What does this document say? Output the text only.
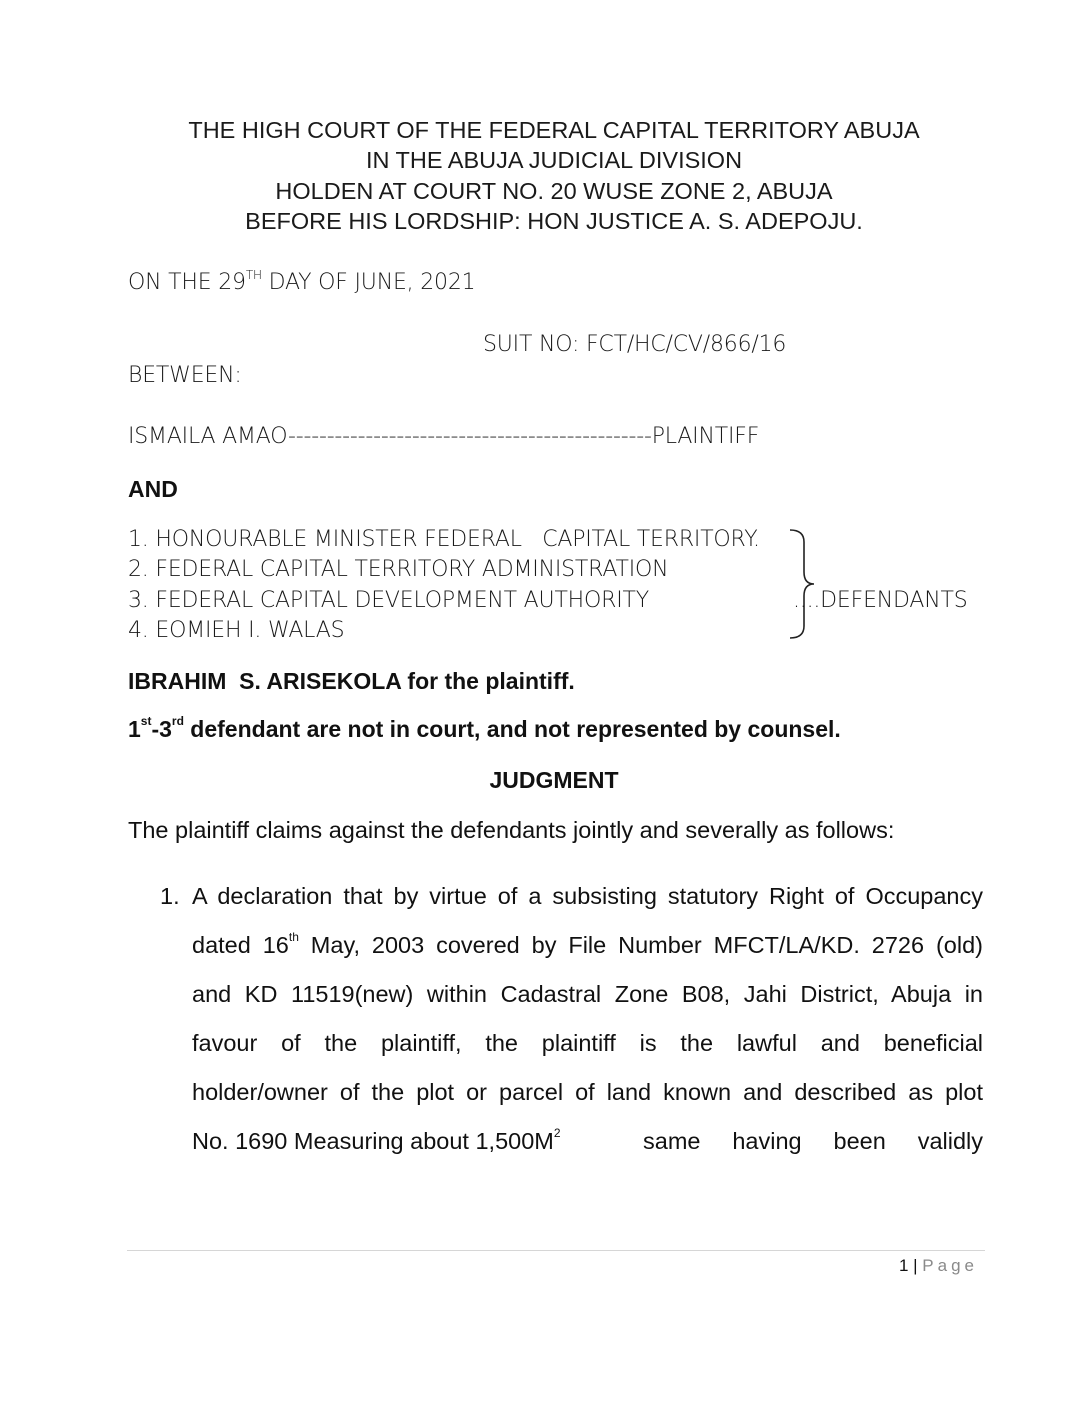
THE HIGH COURT OF THE FEDERAL CAPITAL TERRITORY ABUJA
IN THE ABUJA JUDICIAL DIVISION
HOLDEN AT COURT NO. 20 WUSE ZONE 2, ABUJA
BEFORE HIS LORDSHIP: HON JUSTICE A. S. ADEPOJU.
ON THE 29TH DAY OF JUNE, 2021
SUIT NO: FCT/HC/CV/866/16
BETWEEN:
ISMAILA AMAO-----------------------------------------------PLAINTIFF
AND
1. HONOURABLE MINISTER FEDERAL   CAPITAL TERRITORY.
2. FEDERAL CAPITAL TERRITORY ADMINISTRATION
3. FEDERAL CAPITAL DEVELOPMENT AUTHORITY
4. EOMIEH I. WALAS
....DEFENDANTS
IBRAHIM  S. ARISEKOLA for the plaintiff.
1st-3rd defendant are not in court, and not represented by counsel.
JUDGMENT
The plaintiff claims against the defendants jointly and severally as follows:
1. A declaration that by virtue of a subsisting statutory Right of Occupancy
dated 16th May, 2003 covered by File Number MFCT/LA/KD. 2726 (old)
and KD 11519(new) within Cadastral Zone B08, Jahi District, Abuja in
favour of the plaintiff, the plaintiff is the lawful and beneficial
holder/owner of the plot or parcel of land known and described as plot
No. 1690 Measuring about $1,500M^2$	same having been validly
1 | Page
